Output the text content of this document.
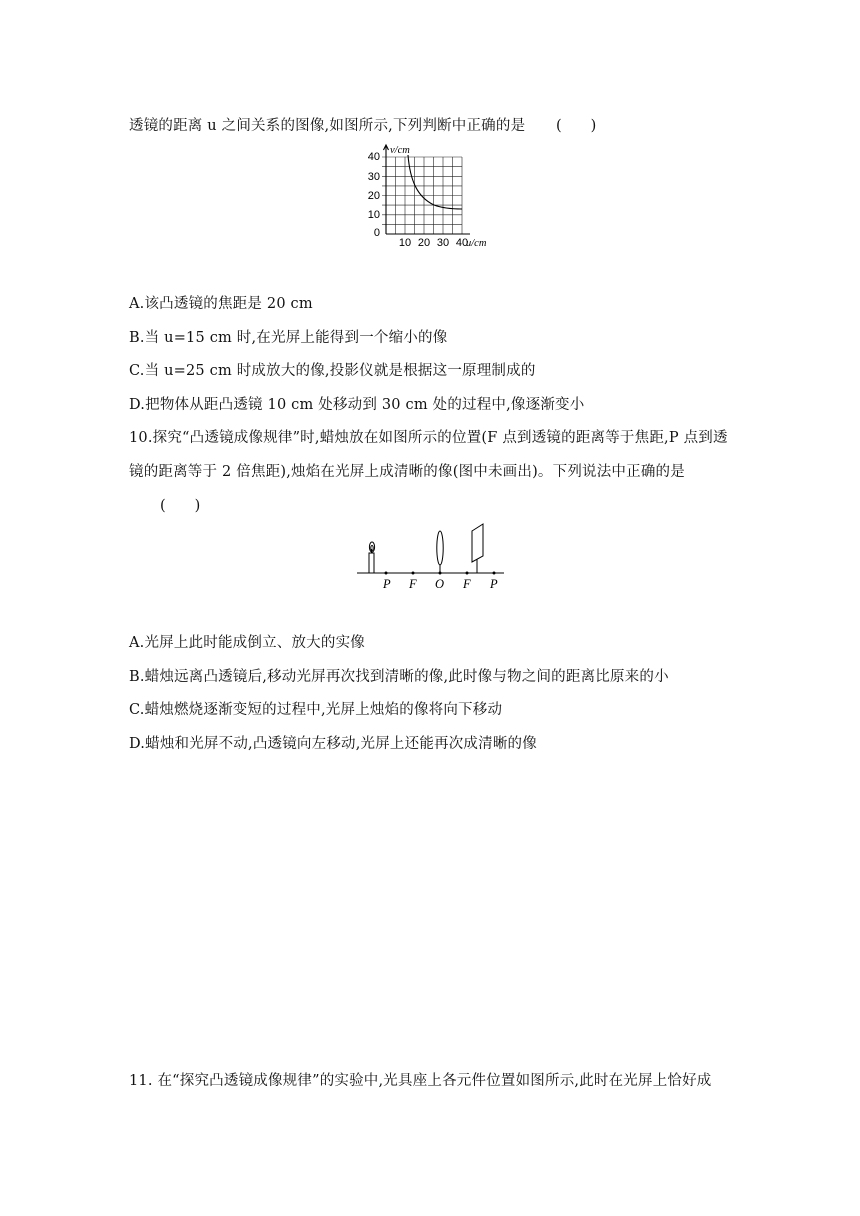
透镜的距离 u 之间关系的图像,如图所示,下列判断中正确的是 (　　)
v/cm
40
30
20
10
0
10 20 30 40
u/cm
A.该凸透镜的焦距是 20 cm
B.当 u=15 cm 时,在光屏上能得到一个缩小的像
C.当 u=25 cm 时成放大的像,投影仪就是根据这一原理制成的
D.把物体从距凸透镜 10 cm 处移动到 30 cm 处的过程中,像逐渐变小
10.探究“凸透镜成像规律”时,蜡烛放在如图所示的位置(F 点到透镜的距离等于焦距,P 点到透
镜的距离等于 2 倍焦距),烛焰在光屏上成清晰的像(图中未画出)。下列说法中正确的是
(　　)
P F O F P
A.光屏上此时能成倒立、放大的实像
B.蜡烛远离凸透镜后,移动光屏再次找到清晰的像,此时像与物之间的距离比原来的小
C.蜡烛燃烧逐渐变短的过程中,光屏上烛焰的像将向下移动
D.蜡烛和光屏不动,凸透镜向左移动,光屏上还能再次成清晰的像
11. 在“探究凸透镜成像规律”的实验中,光具座上各元件位置如图所示,此时在光屏上恰好成
